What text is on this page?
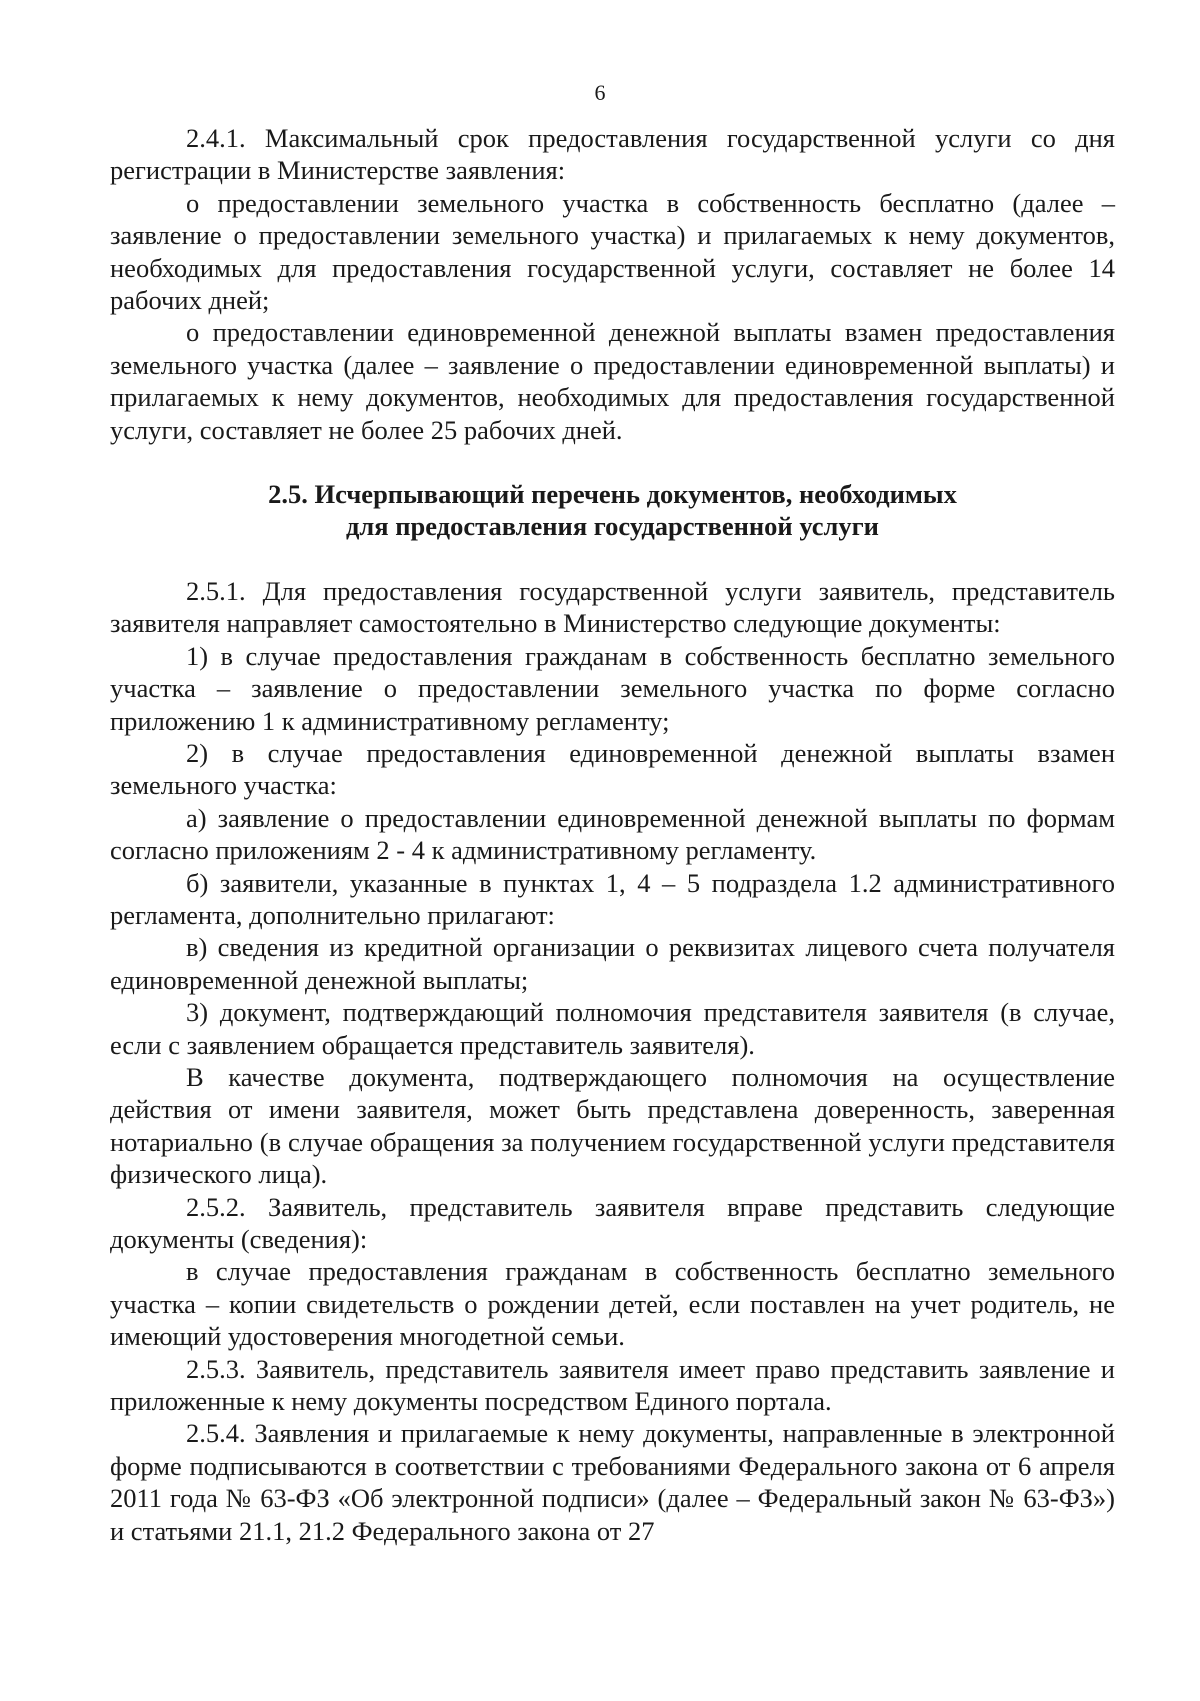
6

2.4.1. Максимальный срок предоставления государственной услуги со дня регистрации в Министерстве заявления:

о предоставлении земельного участка в собственность бесплатно (далее – заявление о предоставлении земельного участка) и прилагаемых к нему документов, необходимых для предоставления государственной услуги, составляет не более 14 рабочих дней;

о предоставлении единовременной денежной выплаты взамен предоставления земельного участка (далее – заявление о предоставлении единовременной выплаты) и прилагаемых к нему документов, необходимых для предоставления государственной услуги, составляет не более 25 рабочих дней.

2.5. Исчерпывающий перечень документов, необходимых
для предоставления государственной услуги

2.5.1. Для предоставления государственной услуги заявитель, представитель заявителя направляет самостоятельно в Министерство следующие документы:

1) в случае предоставления гражданам в собственность бесплатно земельного участка – заявление о предоставлении земельного участка по форме согласно приложению 1 к административному регламенту;

2) в случае предоставления единовременной денежной выплаты взамен земельного участка:

а) заявление о предоставлении единовременной денежной выплаты по формам согласно приложениям 2 - 4 к административному регламенту.

б) заявители, указанные в пунктах 1, 4 – 5 подраздела 1.2 административного регламента, дополнительно прилагают:

в) сведения из кредитной организации о реквизитах лицевого счета получателя единовременной денежной выплаты;

3) документ, подтверждающий полномочия представителя заявителя (в случае, если с заявлением обращается представитель заявителя).

В качестве документа, подтверждающего полномочия на осуществление действия от имени заявителя, может быть представлена доверенность, заверенная нотариально (в случае обращения за получением государственной услуги представителя физического лица).

2.5.2. Заявитель, представитель заявителя вправе представить следующие документы (сведения):

в случае предоставления гражданам в собственность бесплатно земельного участка – копии свидетельств о рождении детей, если поставлен на учет родитель, не имеющий удостоверения многодетной семьи.

2.5.3. Заявитель, представитель заявителя имеет право представить заявление и приложенные к нему документы посредством Единого портала.

2.5.4. Заявления и прилагаемые к нему документы, направленные в электронной форме подписываются в соответствии с требованиями Федерального закона от 6 апреля 2011 года № 63-ФЗ «Об электронной подписи» (далее – Федеральный закон № 63-ФЗ») и статьями 21.1, 21.2 Федерального закона от 27
